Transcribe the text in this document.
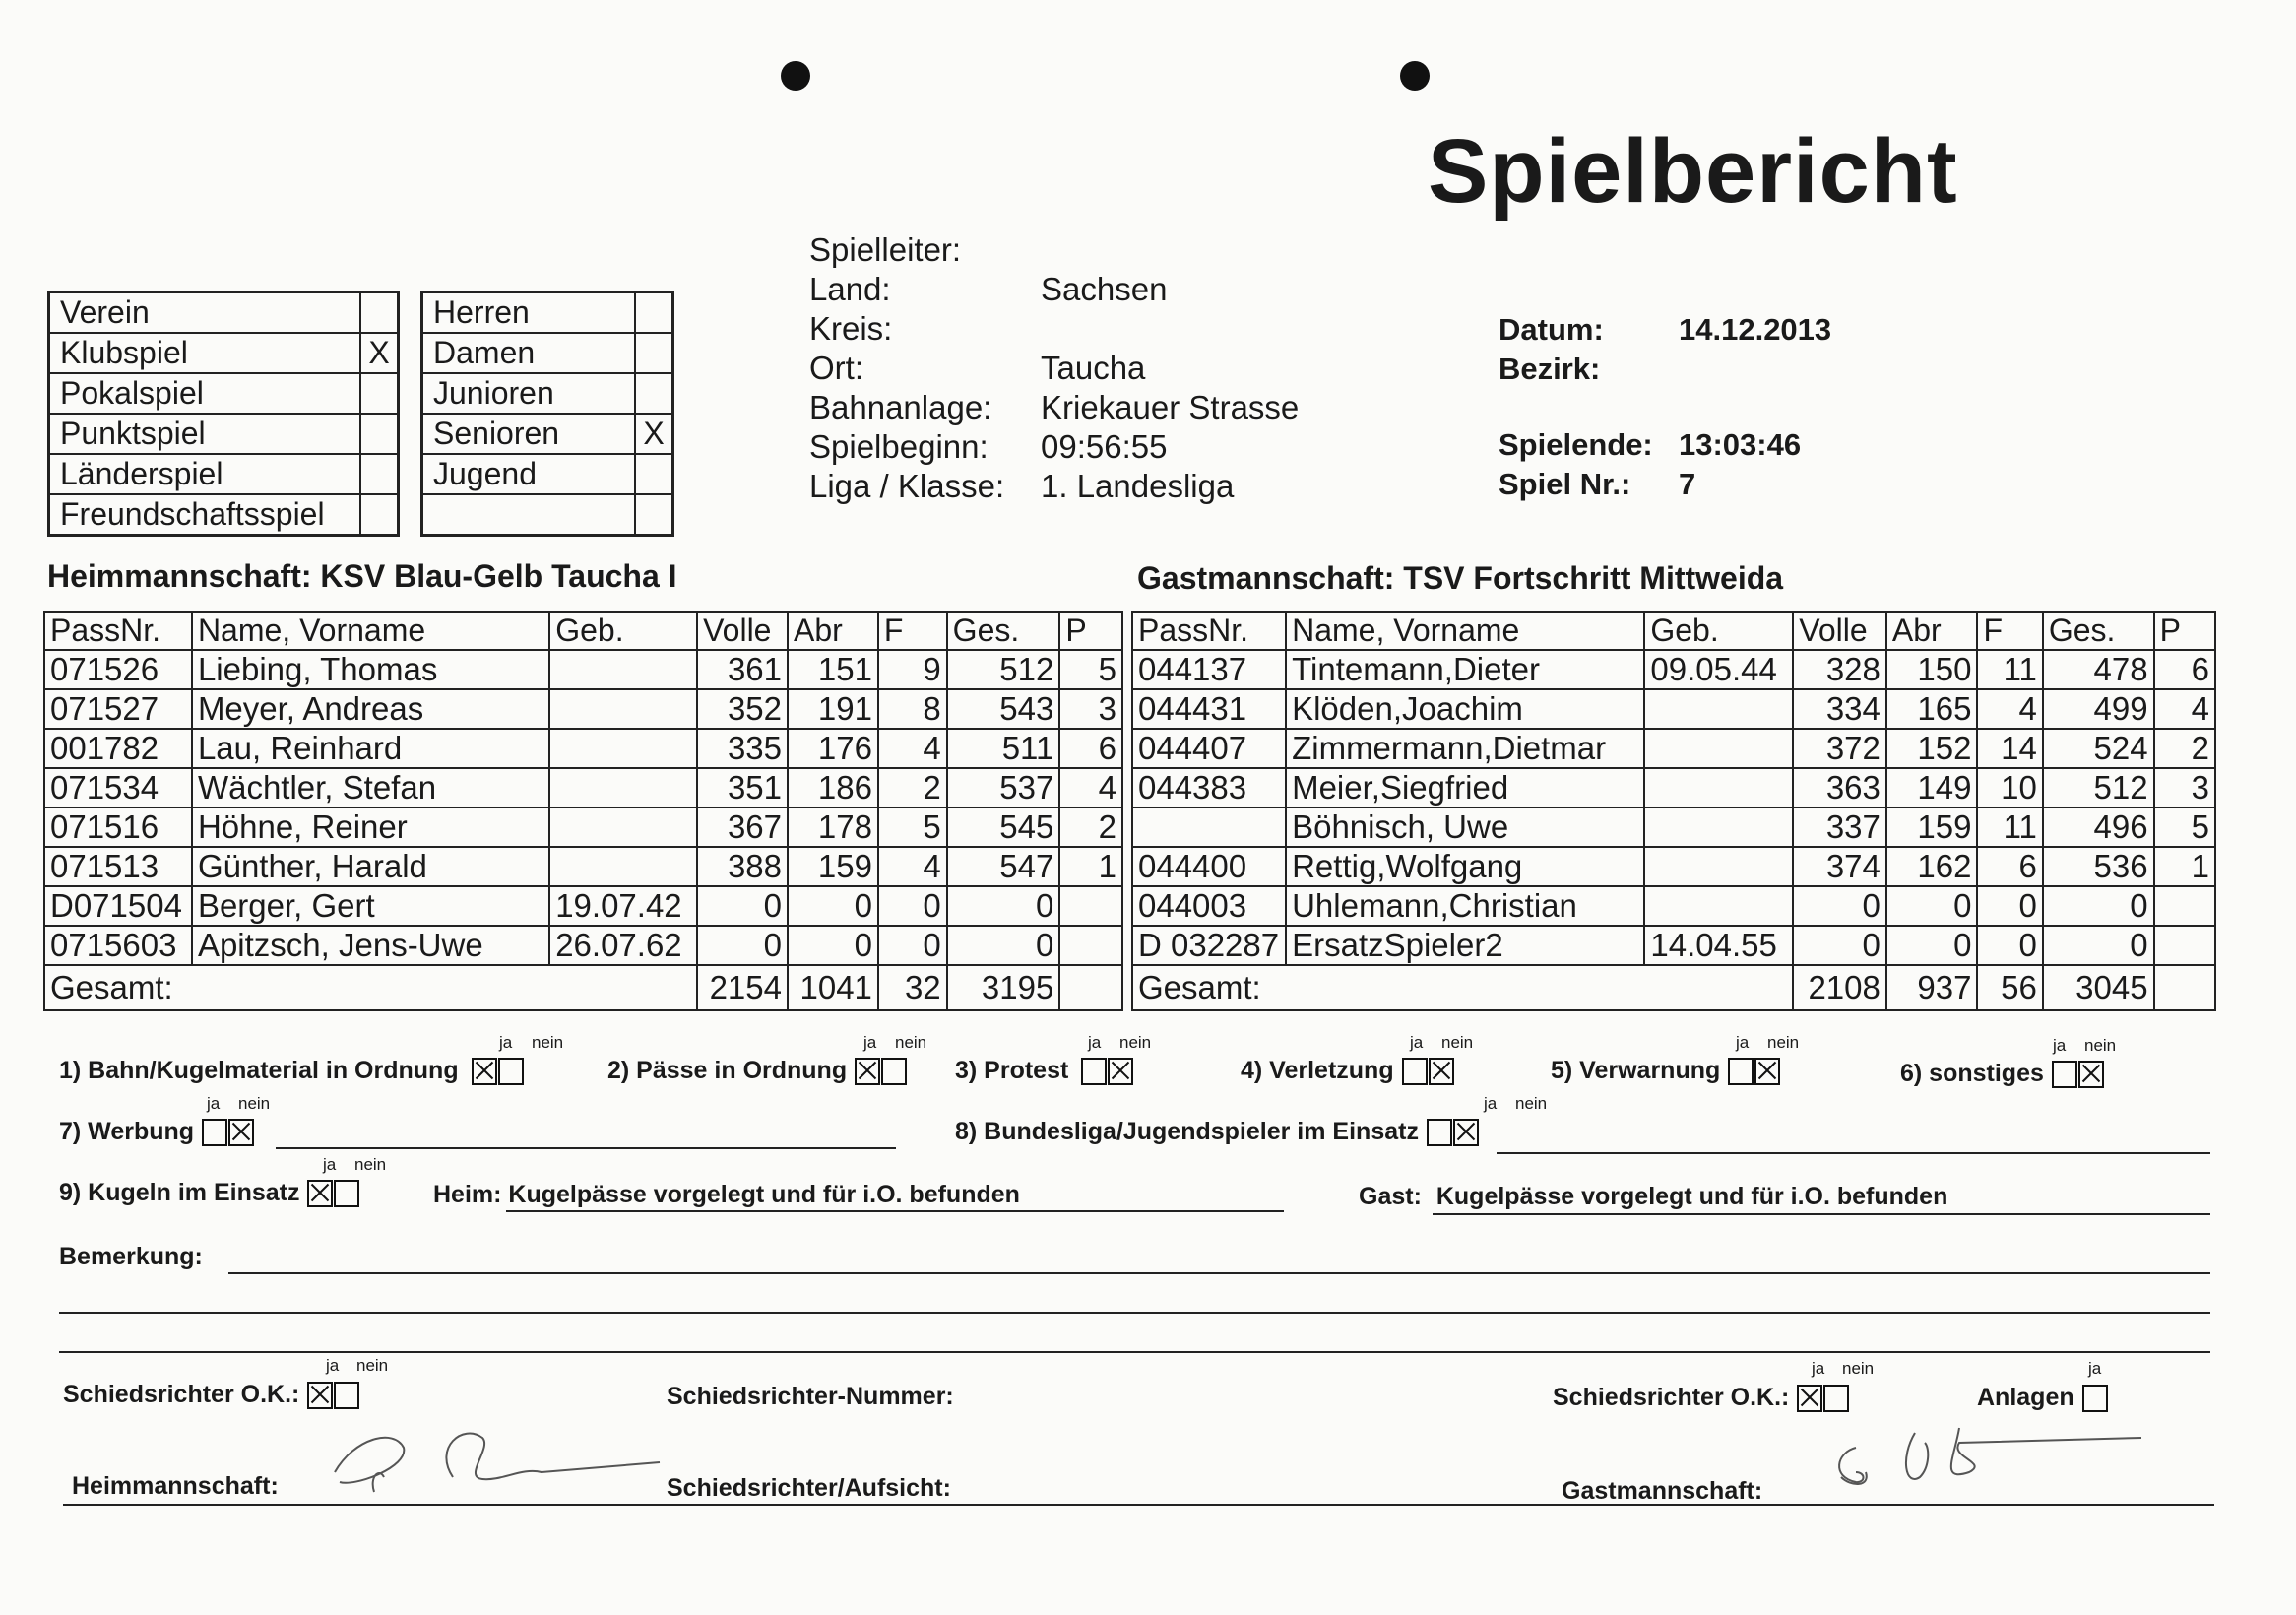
Spielbericht
Verein
Klubspiel	X
Pokalspiel
Punktspiel
Länderspiel
Freundschaftsspiel
Herren
Damen
Junioren
Senioren	X
Jugend
Spielleiter:
Land:	Sachsen
Kreis:
Ort:	Taucha
Bahnanlage:	Kriekauer Strasse
Spielbeginn:	09:56:55
Liga / Klasse:	1. Landesliga
Datum:	14.12.2013
Bezirk:
Spielende: 13:03:46
Spiel Nr.:	7
Heimmannschaft: KSV Blau-Gelb Taucha I	Gastmannschaft: TSV Fortschritt Mittweida
PassNr.	Name, Vorname	Geb.	Volle	Abr	F	Ges.	P
071526	Liebing, Thomas		361	151	9	512	5
071527	Meyer, Andreas		352	191	8	543	3
001782	Lau, Reinhard		335	176	4	511	6
071534	Wächtler, Stefan		351	186	2	537	4
071516	Höhne, Reiner		367	178	5	545	2
071513	Günther, Harald		388	159	4	547	1
D071504	Berger, Gert	19.07.42	0	0	0	0	
0715603	Apitzsch, Jens-Uwe	26.07.62	0	0	0	0	
Gesamt:			2154	1041	32	3195	
PassNr.	Name, Vorname	Geb.	Volle	Abr	F	Ges.	P
044137	Tintemann,Dieter	09.05.44	328	150	11	478	6
044431	Klöden,Joachim		334	165	4	499	4
044407	Zimmermann,Dietmar		372	152	14	524	2
044383	Meier,Siegfried		363	149	10	512	3
	Böhnisch, Uwe		337	159	11	496	5
044400	Rettig,Wolfgang		374	162	6	536	1
044003	Uhlemann,Christian		0	0	0	0	
D 032287	ErsatzSpieler2	14.04.55	0	0	0	0	
Gesamt:			2108	937	56	3045	
1) Bahn/Kugelmaterial in Ordnung
ja nein
2) Pässe in Ordnung
ja nein
3) Protest
ja nein
4) Verletzung
ja nein
5) Verwarnung
ja nein
6) sonstiges
ja nein
7) Werbung
ja nein
8) Bundesliga/Jugendspieler im Einsatz
ja nein
9) Kugeln im Einsatz
ja nein
Heim: Kugelpässe vorgelegt und für i.O. befunden	Gast: Kugelpässe vorgelegt und für i.O. befunden
Bemerkung:
Schiedsrichter O.K.:
ja nein
Schiedsrichter-Nummer:	Schiedsrichter O.K.:
ja nein
Anlagen
ja
Heimmannschaft:	Schiedsrichter/Aufsicht:	Gastmannschaft:
